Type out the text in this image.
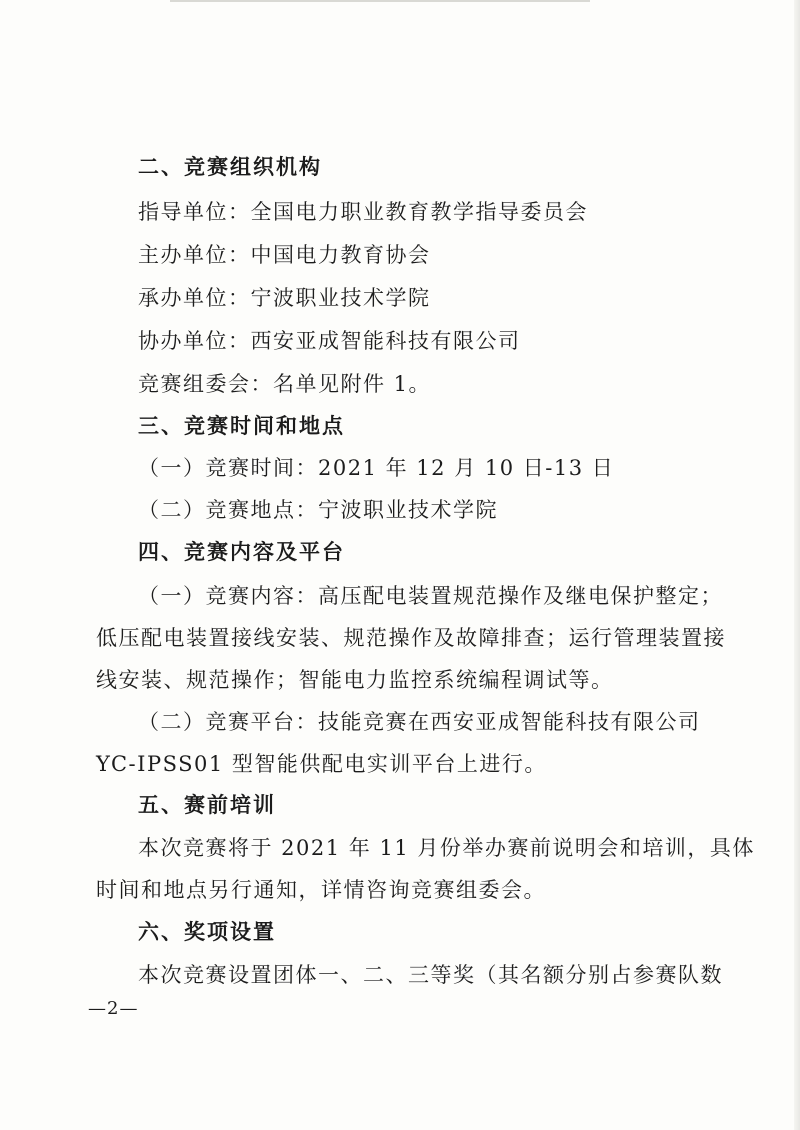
二、竞赛组织机构
指导单位：全国电力职业教育教学指导委员会
主办单位：中国电力教育协会
承办单位：宁波职业技术学院
协办单位：西安亚成智能科技有限公司
竞赛组委会：名单见附件 1。
三、竞赛时间和地点
（一）竞赛时间：2021 年 12 月 10 日-13 日
（二）竞赛地点：宁波职业技术学院
四、竞赛内容及平台
（一）竞赛内容：高压配电装置规范操作及继电保护整定；
低压配电装置接线安装、规范操作及故障排查；运行管理装置接
线安装、规范操作；智能电力监控系统编程调试等。
（二）竞赛平台：技能竞赛在西安亚成智能科技有限公司
YC-IPSS01 型智能供配电实训平台上进行。
五、赛前培训
本次竞赛将于 2021 年 11 月份举办赛前说明会和培训，具体
时间和地点另行通知，详情咨询竞赛组委会。
六、奖项设置
本次竞赛设置团体一、二、三等奖（其名额分别占参赛队数
—2—
